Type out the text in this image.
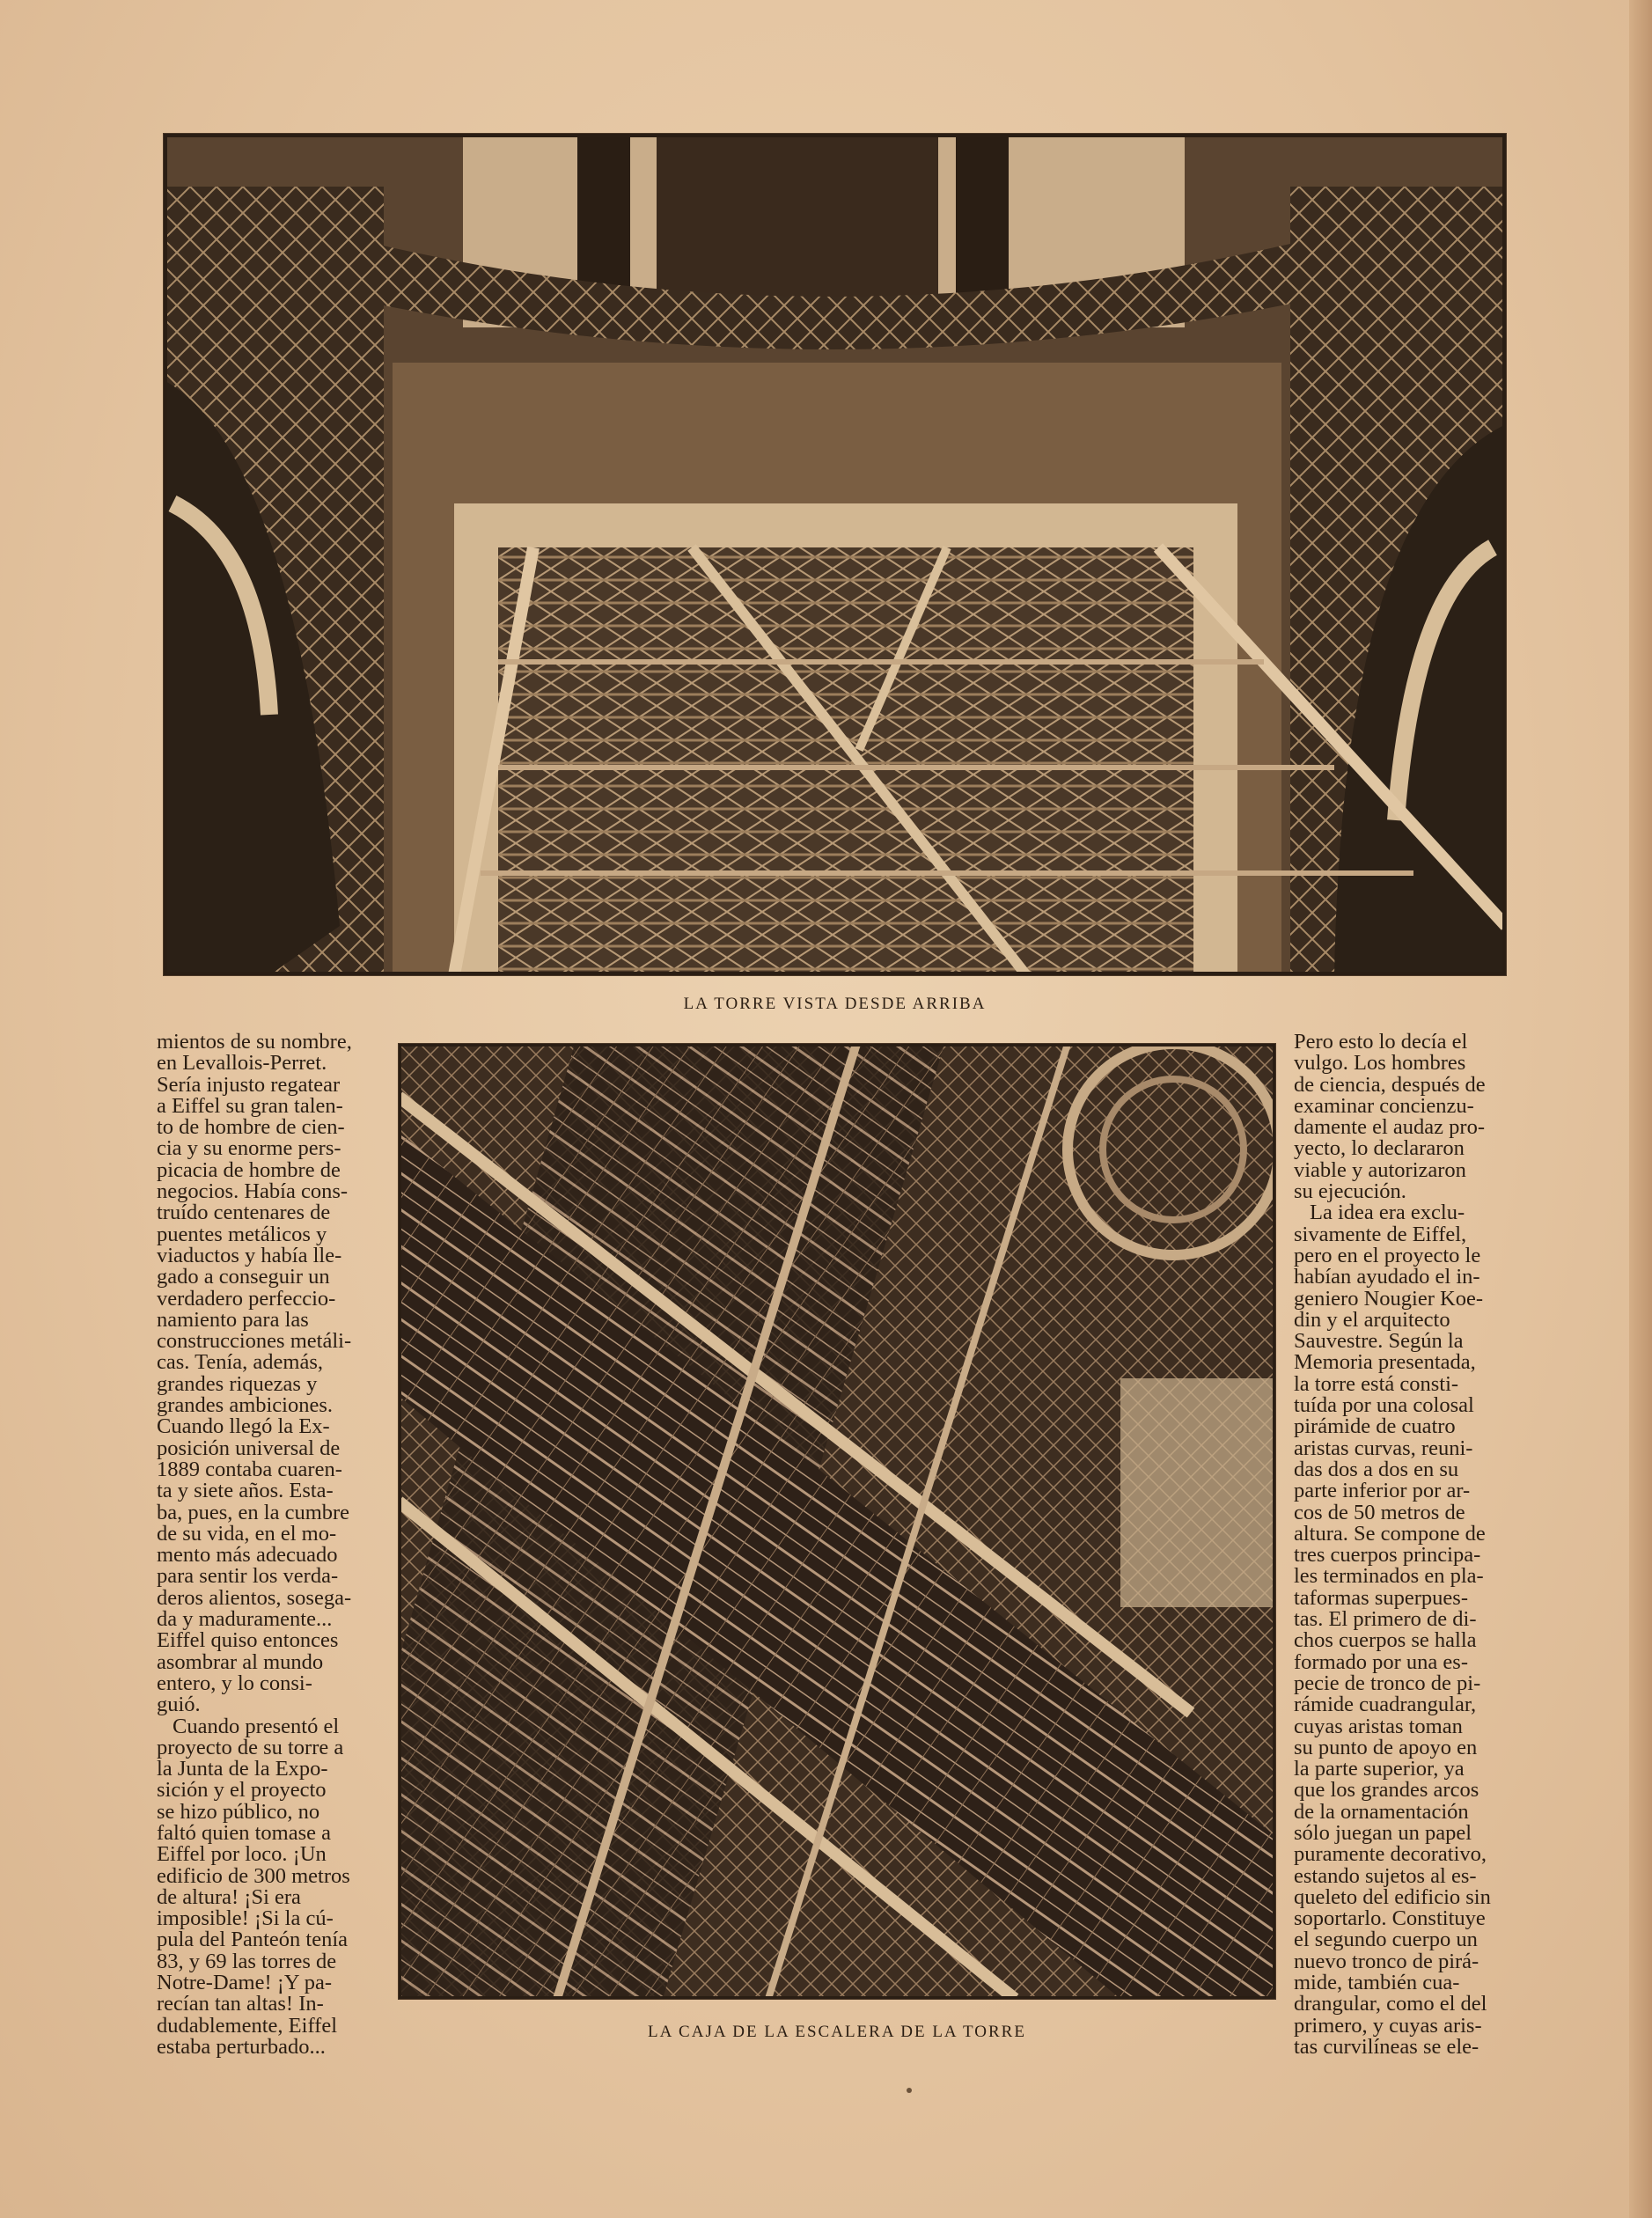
LA TORRE VISTA DESDE ARRIBA
LA CAJA DE LA ESCALERA DE LA TORRE

mientos de su nombre,

en Levallois-Perret.

Sería injusto regatear

a Eiffel su gran talen-

to de hombre de cien-

cia y su enorme pers-

picacia de hombre de

negocios. Había cons-

truído centenares de

puentes metálicos y

viaductos y había lle-

gado a conseguir un

verdadero perfeccio-

namiento para las

construcciones metáli-

cas. Tenía, además,

grandes riquezas y

grandes ambiciones.

Cuando llegó la Ex-

posición universal de

1889 contaba cuaren-

ta y siete años. Esta-

ba, pues, en la cumbre

de su vida, en el mo-

mento más adecuado

para sentir los verda-

deros alientos, sosega-

da y maduramente...

Eiffel quiso entonces

asombrar al mundo

entero, y lo consi-

guió.

Cuando presentó el

proyecto de su torre a

la Junta de la Expo-

sición y el proyecto

se hizo público, no

faltó quien tomase a

Eiffel por loco. ¡Un

edificio de 300 metros

de altura! ¡Si era

imposible! ¡Si la cú-

pula del Panteón tenía

83, y 69 las torres de

Notre-Dame! ¡Y pa-

recían tan altas! In-

dudablemente, Eiffel

estaba perturbado...

Pero esto lo decía el

vulgo. Los hombres

de ciencia, después de

examinar concienzu-

damente el audaz pro-

yecto, lo declararon

viable y autorizaron

su ejecución.

La idea era exclu-

sivamente de Eiffel,

pero en el proyecto le

habían ayudado el in-

geniero Nougier Koe-

din y el arquitecto

Sauvestre. Según la

Memoria presentada,

la torre está consti-

tuída por una colosal

pirámide de cuatro

aristas curvas, reuni-

das dos a dos en su

parte inferior por ar-

cos de 50 metros de

altura. Se compone de

tres cuerpos principa-

les terminados en pla-

taformas superpues-

tas. El primero de di-

chos cuerpos se halla

formado por una es-

pecie de tronco de pi-

rámide cuadrangular,

cuyas aristas toman

su punto de apoyo en

la parte superior, ya

que los grandes arcos

de la ornamentación

sólo juegan un papel

puramente decorativo,

estando sujetos al es-

queleto del edificio sin

soportarlo. Constituye

el segundo cuerpo un

nuevo tronco de pirá-

mide, también cua-

drangular, como el del

primero, y cuyas aris-

tas curvilíneas se ele-
